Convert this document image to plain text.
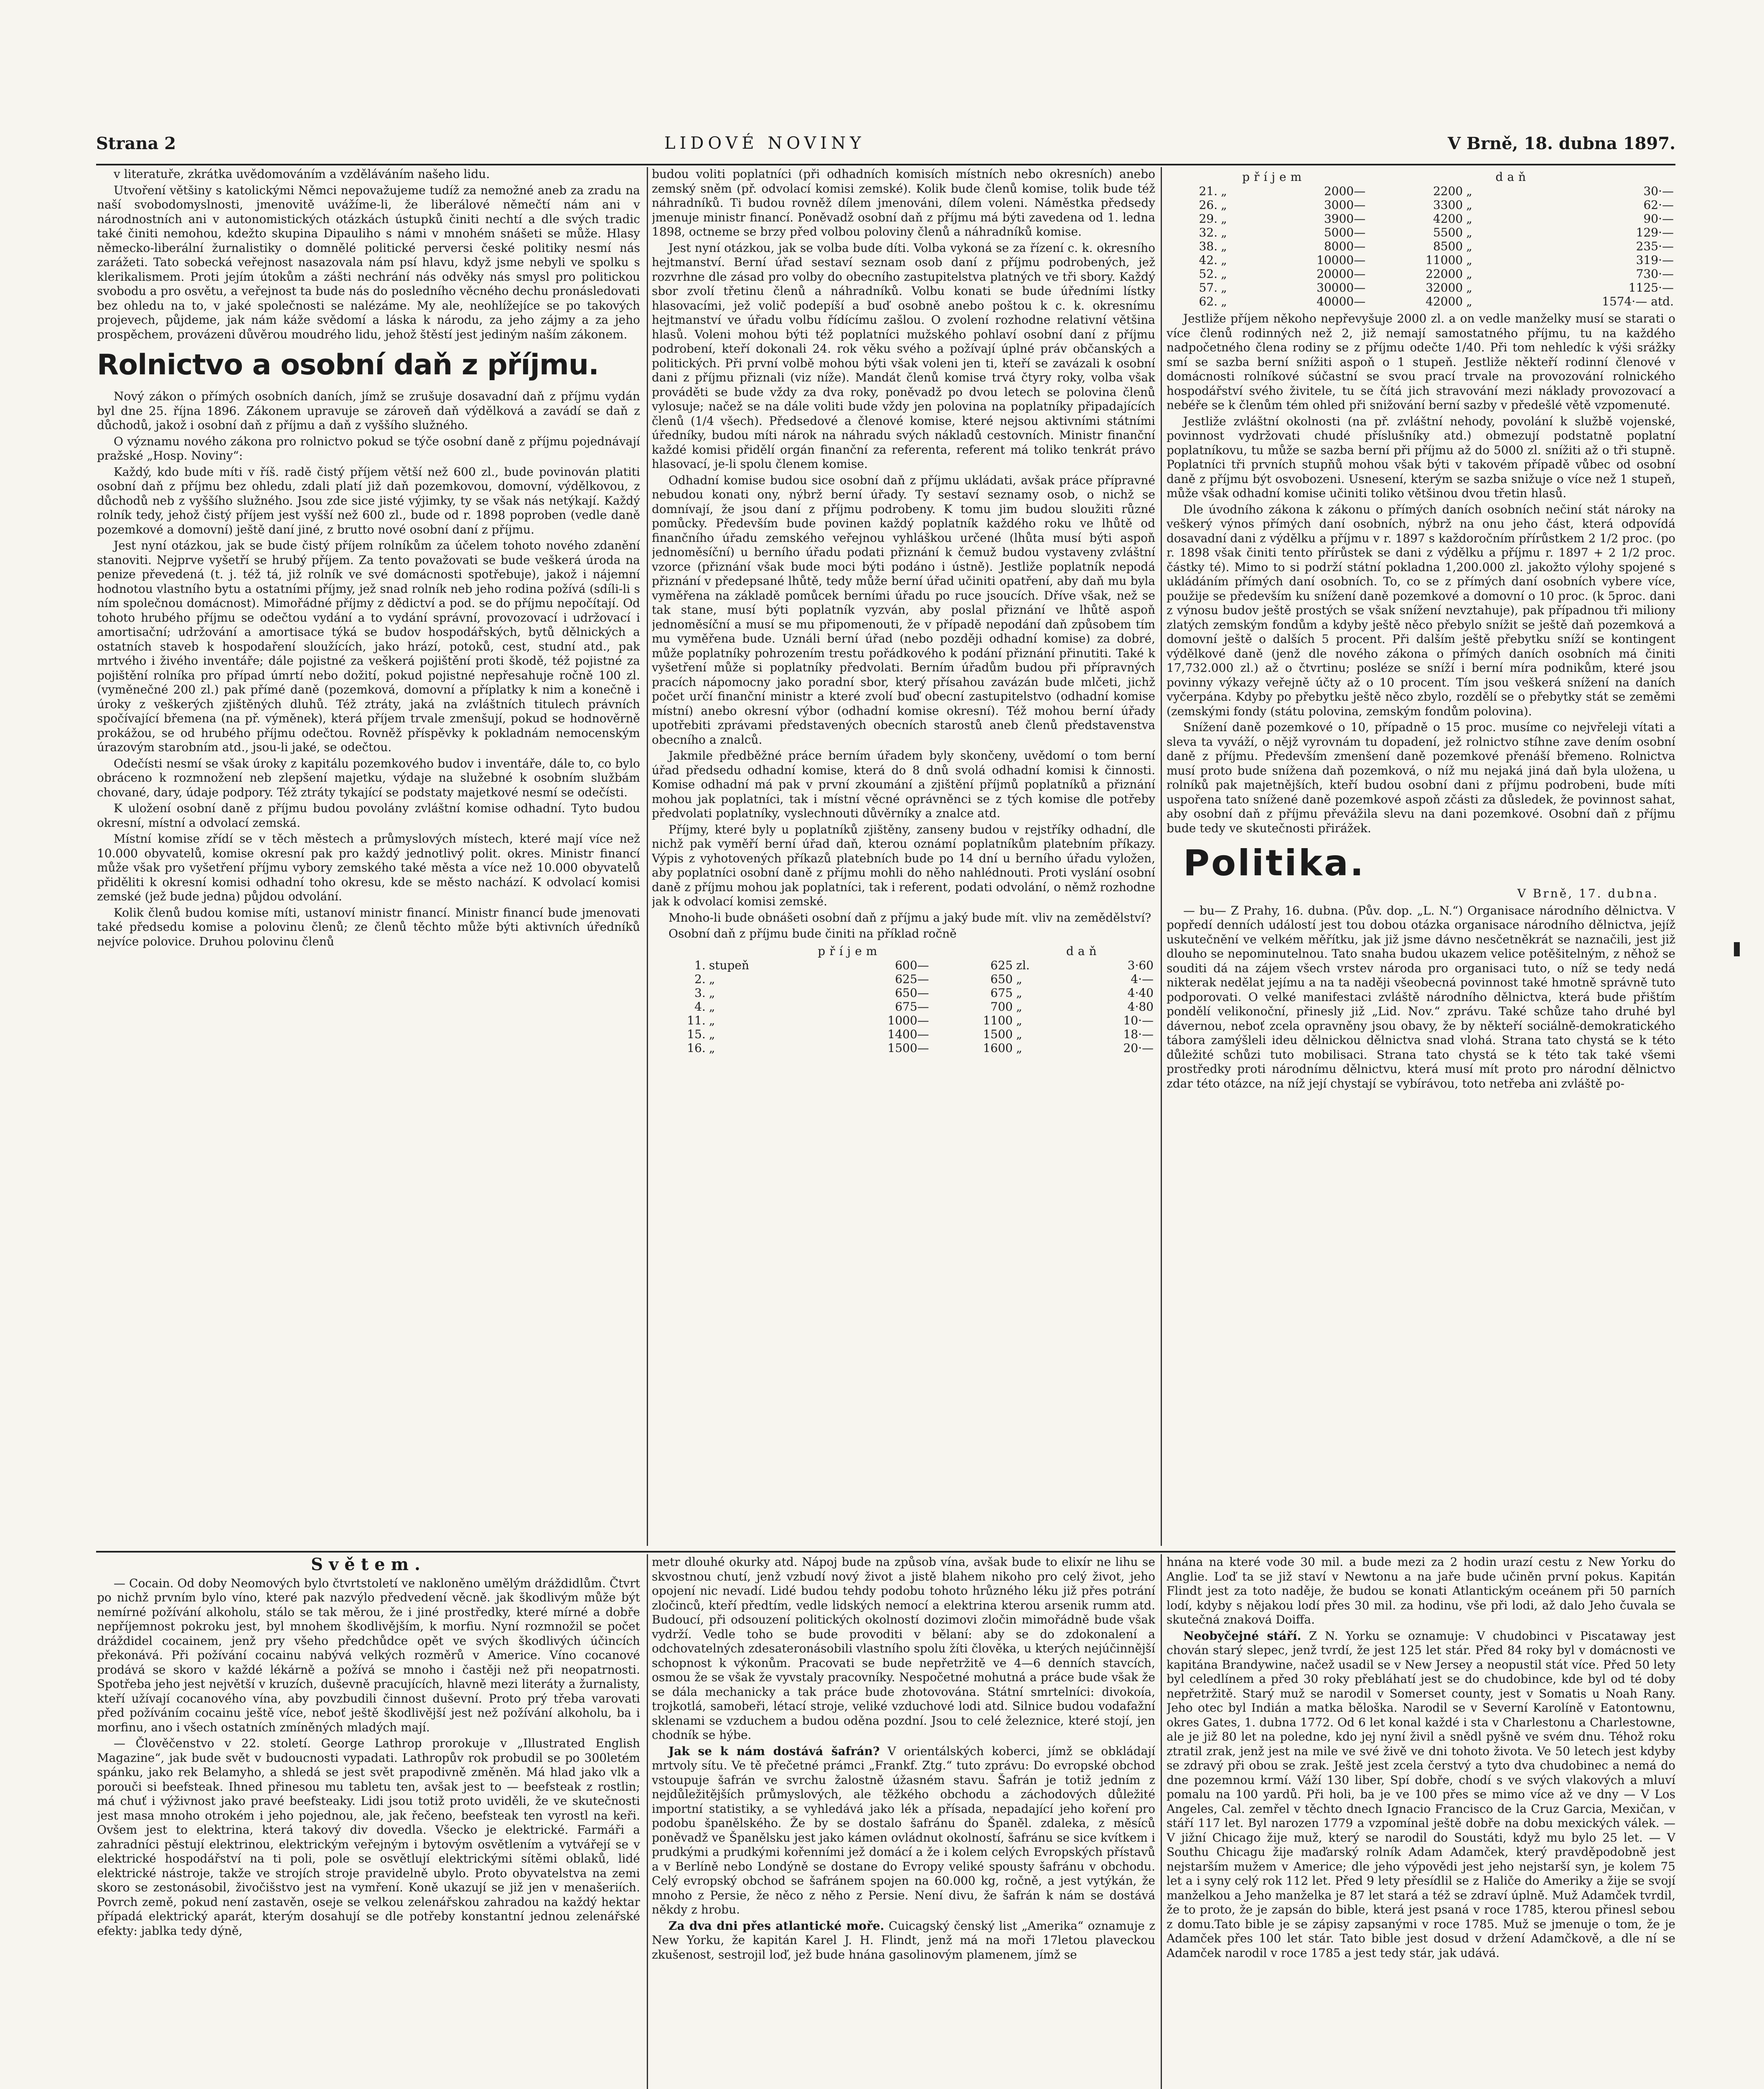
Strana 2	LIDOVÉ NOVINY	V Brně, 18. dubna 1897.

v literatuře, zkrátka uvědomováním a vzděláváním našeho lidu.

Utvoření většiny s katolickými Němci nepovažujeme tudíž za nemožné aneb za zradu na naší svobodomyslnosti, jmenovitě uvážíme-li, že liberálové němečtí nám ani v národnostních ani v autonomistických otázkách ústupků činiti nechtí a dle svých tradic také činiti nemohou, kdežto skupina Dipauliho s námi v mnohém snášeti se může. Hlasy německo-liberální žurnalistiky o domnělé politické perversi české politiky nesmí nás zarážeti. Tato sobecká veřejnost nasazovala nám psí hlavu, když jsme nebyli ve spolku s klerikalismem. Proti jejím útokům a zášti nechrání nás odvěky nás smysl pro politickou svobodu a pro osvětu, a veřejnost ta bude nás do posledního věcného dechu pronásledovati bez ohledu na to, v jaké společnosti se nalézáme. My ale, neohlížejíce se po takových projevech, půjdeme, jak nám káže svědomí a láska k národu, za jeho zájmy a za jeho prospěchem, provázeni důvěrou moudrého lidu, jehož štěstí jest jediným naším zákonem.

Rolnictvo a osobní daň z příjmu.

Nový zákon o přímých osobních daních, jímž se zrušuje dosavadní daň z příjmu vydán byl dne 25. října 1896. Zákonem upravuje se zároveň daň výdělková a zavádí se daň z důchodů, jakož i osobní daň z příjmu a daň z vyššího služného.

O významu nového zákona pro rolnictvo pokud se týče osobní daně z příjmu pojednávají pražské „Hosp. Noviny“:

Každý, kdo bude míti v říš. radě čistý příjem větší než 600 zl., bude povinován platiti osobní daň z příjmu bez ohledu, zdali platí již daň pozemkovou, domovní, výdělkovou, z důchodů neb z vyššího služného. Jsou zde sice jisté výjimky, ty se však nás netýkají. Každý rolník tedy, jehož čistý příjem jest vyšší než 600 zl., bude od r. 1898 poproben (vedle daně pozemkové a domovní) ještě daní jiné, z brutto nové osobní daní z příjmu.

Jest nyní otázkou, jak se bude čistý příjem rolníkům za účelem tohoto nového zdanění stanoviti. Nejprve vyšetří se hrubý příjem. Za tento považovati se bude veškerá úroda na penize převedená (t. j. též tá, již rolník ve své domácnosti spotřebuje), jakož i nájemní hodnotou vlastního bytu a ostatními příjmy, jež snad rolník neb jeho rodina požívá (sdíli-li s ním společnou domácnost). Mimořádné příjmy z dědictví a pod. se do příjmu nepočítají. Od tohoto hrubého příjmu se odečtou vydání a to vydání správní, provozovací i udržovací i amortisační; udržování a amortisace týká se budov hospodářských, bytů dělnických a ostatních staveb k hospodaření sloužících, jako hrází, potoků, cest, studní atd., pak mrtvého i živého inventáře; dále pojistné za veškerá pojištění proti škodě, též pojistné za pojištění rolníka pro případ úmrtí nebo dožití, pokud pojistné nepřesahuje ročně 100 zl. (vyměnečné 200 zl.) pak přímé daně (pozemková, domovní a příplatky k nim a konečně i úroky z veškerých zjištěných dluhů. Též ztráty, jaká na zvláštních titulech právních spočívající břemena (na př. výměnek), která příjem trvale zmenšují, pokud se hodnověrně prokážou, se od hrubého příjmu odečtou. Rovněž příspěvky k pokladnám nemocenským úrazovým starobním atd., jsou-li jaké, se odečtou.

Odečísti nesmí se však úroky z kapitálu pozemkového budov i inventáře, dále to, co bylo obráceno k rozmnožení neb zlepšení majetku, výdaje na služebné k osobním službám chované, dary, údaje podpory. Též ztráty tykající se podstaty majetkové nesmí se odečísti.

K uložení osobní daně z příjmu budou povolány zvláštní komise odhadní. Tyto budou okresní, místní a odvolací zemská.

Místní komise zřídí se v těch městech a průmyslových místech, které mají více než 10.000 obyvatelů, komise okresní pak pro každý jednotlivý polit. okres. Ministr financí může však pro vyšetření příjmu vybory zemského také města a více než 10.000 obyvatelů přiděliti k okresní komisi odhadní toho okresu, kde se město nachází. K odvolací komisi zemské (jež bude jedna) půjdou odvolání.

Kolik členů budou komise míti, ustanoví ministr financí. Ministr financí bude jmenovati také předsedu komise a polovinu členů; ze členů těchto může býti aktivních úředníků nejvíce polovice. Druhou polovinu členů

budou voliti poplatníci (při odhadních komisích místních nebo okresních) anebo zemský sněm (př. odvolací komisi zemské). Kolik bude členů komise, tolik bude též náhradníků. Ti budou rovněž dílem jmenováni, dílem voleni. Náměstka předsedy jmenuje ministr financí. Poněvadž osobní daň z příjmu má býti zavedena od 1. ledna 1898, octneme se brzy před volbou poloviny členů a náhradníků komise.

Jest nyní otázkou, jak se volba bude díti. Volba vykoná se za řízení c. k. okresního hejtmanství. Berní úřad sestaví seznam osob daní z příjmu podrobených, jež rozvrhne dle zásad pro volby do obecního zastupitelstva platných ve tři sbory. Každý sbor zvolí třetinu členů a náhradníků. Volbu konati se bude úředními lístky hlasovacími, jež volič podepíší a buď osobně anebo poštou k c. k. okresnímu hejtmanství ve úřadu volbu řídícímu zašlou. O zvolení rozhodne relativní většina hlasů. Voleni mohou býti též poplatníci mužského pohlaví osobní daní z příjmu podrobení, kteří dokonali 24. rok věku svého a požívají úplné práv občanských a politických. Při první volbě mohou býti však voleni jen ti, kteří se zavázali k osobní dani z příjmu přiznali (viz níže). Mandát členů komise trvá čtyry roky, volba však prováděti se bude vždy za dva roky, poněvadž po dvou letech se polovina členů vylosuje; načež se na dále voliti bude vždy jen polovina na poplatníky připadajících členů (1/4 všech). Předsedové a členové komise, které nejsou aktivními státními úředníky, budou míti nárok na náhradu svých nákladů cestovních. Ministr finanční každé komisi přidělí orgán finanční za referenta, referent má toliko tenkrát právo hlasovací, je-li spolu členem komise.

Odhadní komise budou sice osobní daň z příjmu ukládati, avšak práce přípravné nebudou konati ony, nýbrž berní úřady. Ty sestaví seznamy osob, o nichž se domnívají, že jsou daní z příjmu podrobeny. K tomu jim budou sloužiti různé pomůcky. Především bude povinen každý poplatník každého roku ve lhůtě od finančního úřadu zemského veřejnou vyhláškou určené (lhůta musí býti aspoň jednoměsíční) u berního úřadu podati přiznání k čemuž budou vystaveny zvláštní vzorce (přiznání však bude moci býti podáno i ústně). Jestliže poplatník nepodá přiznání v předepsané lhůtě, tedy může berní úřad učiniti opatření, aby daň mu byla vyměřena na základě pomůcek berními úřadu po ruce jsoucích. Dříve však, než se tak stane, musí býti poplatník vyzván, aby poslal přiznání ve lhůtě aspoň jednoměsíční a musí se mu připomenouti, že v případě nepodání daň způsobem tím mu vyměřena bude. Uználi berní úřad (nebo později odhadní komise) za dobré, může poplatníky pohrozením trestu pořádkového k podání přiznání přinutiti. Také k vyšetření může si poplatníky předvolati. Berním úřadům budou při přípravných pracích nápomocny jako poradní sbor, který přísahou zavázán bude mlčeti, jichž počet určí finanční ministr a které zvolí buď obecní zastupitelstvo (odhadní komise místní) anebo okresní výbor (odhadní komise okresní). Též mohou berní úřady upotřebiti zprávami představených obecních starostů aneb členů představenstva obecního a znalců.

Jakmile předběžné práce berním úřadem byly skončeny, uvědomí o tom berní úřad předsedu odhadní komise, která do 8 dnů svolá odhadní komisi k činnosti. Komise odhadní má pak v první zkoumání a zjištění příjmů poplatníků a přiznání mohou jak poplatníci, tak i místní věcné oprávněnci se z tých komise dle potřeby předvolati poplatníky, vyslechnouti důvěrníky a znalce atd.

Příjmy, které byly u poplatníků zjištěny, zanseny budou v rejstříky odhadní, dle nichž pak vyměří berní úřad daň, kterou oznámí poplatníkům platebním příkazy. Výpis z vyhotovených příkazů platebních bude po 14 dní u berního úřadu vyložen, aby poplatníci osobní daně z příjmu mohli do něho nahlédnouti. Proti vyslání osobní daně z příjmu mohou jak poplatníci, tak i referent, podati odvolání, o němž rozhodne jak k odvolací komisi zemské.

Mnoho-li bude obnášeti osobní daň z příjmu a jaký bude mít. vliv na zemědělství?

Osobní daň z příjmu bude činiti na příklad ročně

		příjem				daň
1.	stupeň	600—	625	zl.		3·60
2.	„	625—	650	„		4·—
3.	„	650—	675	„		4·40
4.	„	675—	700	„		4·80
11.	„	1000—	1100	„		10·—
15.	„	1400—	1500	„		18·—
16.	„	1500—	1600	„		20·—
		příjem				daň
21.	„	2000—	2200	„		30·—
26.	„	3000—	3300	„		62·—
29.	„	3900—	4200	„		90·—
32.	„	5000—	5500	„		129·—
38.	„	8000—	8500	„		235·—
42.	„	10000—	11000	„		319·—
52.	„	20000—	22000	„		730·—
57.	„	30000—	32000	„		1125·—
62.	„	40000—	42000	„		1574·— atd.

Jestliže příjem někoho nepřevyšuje 2000 zl. a on vedle manželky musí se starati o více členů rodinných než 2, již nemají samostatného příjmu, tu na každého nadpočetného člena rodiny se z příjmu odečte 1/40. Při tom nehledíc k výši srážky smí se sazba berní snížiti aspoň o 1 stupeň. Jestliže někteří rodinní členové v domácnosti rolníkové súčastní se svou prací trvale na provozování rolnického hospodářství svého živitele, tu se čítá jich stravování mezi náklady provozovací a nebéře se k členům tém ohled při snižování berní sazby v předešlé větě vzpomenuté.

Jestliže zvláštní okolnosti (na př. zvláštní nehody, povolání k službě vojenské, povinnost vydržovati chudé příslušníky atd.) obmezují podstatně poplatní poplatníkovu, tu může se sazba berní při příjmu až do 5000 zl. snížiti až o tři stupně. Poplatníci tři prvních stupňů mohou však býti v takovém případě vůbec od osobní daně z příjmu být osvobozeni. Usnesení, kterým se sazba snižuje o více než 1 stupeň, může však odhadní komise učiniti toliko většinou dvou třetin hlasů.

Dle úvodního zákona k zákonu o přímých daních osobních nečiní stát nároky na veškerý výnos přímých daní osobních, nýbrž na onu jeho část, která odpovídá dosavadní dani z výdělku a příjmu v r. 1897 s každoročním přírůstkem 2 1/2 proc. (po r. 1898 však činiti tento přírůstek se dani z výdělku a příjmu r. 1897 + 2 1/2 proc. částky té). Mimo to si podrží státní pokladna 1,200.000 zl. jakožto výlohy spojené s ukládáním přímých daní osobních. To, co se z přímých daní osobních vybere více, použije se především ku snížení daně pozemkové a domovní o 10 proc. (k 5proc. dani z výnosu budov ještě prostých se však snížení nevztahuje), pak případnou tři miliony zlatých zemským fondům a kdyby ještě něco přebylo snížit se ještě daň pozemková a domovní ještě o dalších 5 procent. Při dalším ještě přebytku sníží se kontingent výdělkové daně (jenž dle nového zákona o přímých daních osobních má činiti 17,732.000 zl.) až o čtvrtinu; posléze se sníží i berní míra podnikům, které jsou povinny výkazy veřejně účty až o 10 procent. Tím jsou veškerá snížení na daních vyčerpána. Kdyby po přebytku ještě něco zbylo, rozdělí se o přebytky stát se zeměmi (zemskými fondy (státu polovina, zemským fondům polovina).

Snížení daně pozemkové o 10, případně o 15 proc. musíme co nejvřeleji vítati a sleva ta vyváží, o nějž vyrovnám tu dopadení, jež rolnictvo stíhne zave dením osobní daně z příjmu. Především zmenšení daně pozemkové přenáší břemeno. Rolnictva musí proto bude snížena daň pozemková, o níž mu nejaká jiná daň byla uložena, u rolníků pak majetnějších, kteří budou osobní dani z příjmu podrobeni, bude míti uspořena tato snížené daně pozemkové aspoň zčásti za důsledek, že povinnost sahat, aby osobní daň z příjmu převážila slevu na dani pozemkové. Osobní daň z příjmu bude tedy ve skutečnosti přirážek.

Politika.
V Brně, 17. dubna.

— bu— Z Prahy, 16. dubna. (Pův. dop. „L. N.“) Organisace národního dělnictva. V popředí denních událostí jest tou dobou otázka organisace národního dělnictva, jejíž uskutečnění ve velkém měřítku, jak již jsme dávno nesčetněkrát se naznačili, jest již dlouho se nepominutelnou. Tato snaha budou ukazem velice potěšitelným, z něhož se souditi dá na zájem všech vrstev národa pro organisaci tuto, o níž se tedy nedá nikterak nedělat jejímu a na ta naději všeobecná povinnost také hmotně správně tuto podporovati. O velké manifestaci zvláště národního dělnictva, která bude přištím pondělí velikonoční, přinesly již „Lid. Nov.“ zprávu. Také schůze taho druhé byl dávernou, neboť zcela opravněny jsou obavy, že by někteří sociálně-demokratického tábora zamýšleli ideu dělnickou dělnictva snad vlohá. Strana tato chystá se k této důležité schůzi tuto mobilisaci. Strana tato chystá se k této tak také všemi prostředky proti národnímu dělnictvu, která musí mít proto pro národní dělnictvo zdar této otázce, na níž její chystají se vybírávou, toto netřeba ani zvláště po-

Světem.

— Cocain. Od doby Neomových bylo čtvrtstoletí ve nakloněno umělým dráždidlům. Čtvrt po nichž prvním bylo víno, které pak nazvýlo předvedení věcně. jak škodlivým může být nemírné požívání alkoholu, stálo se tak měrou, že i jiné prostředky, které mírné a dobře nepříjemnost pokroku jest, byl mnohem škodlivějším, k morfiu. Nyní rozmnožil se počet dráždidel cocainem, jenž pry všeho předchůdce opět ve svých škodlivých účincích překonává. Při požívání cocainu nabývá velkých rozměrů v Americe. Víno cocanové prodává se skoro v každé lékárně a požívá se mnoho i častěji než při neopatrnosti. Spotřeba jeho jest největší v kruzích, duševně pracujících, hlavně mezi literáty a žurnalisty, kteří užívají cocanového vína, aby povzbudili činnost duševní. Proto prý třeba varovati před požíváním cocainu ještě více, neboť ještě škodlivější jest než požívání alkoholu, ba i morfinu, ano i všech ostatních zmíněných mladých mají.

— Člověčenstvo v 22. století. George Lathrop prorokuje v „Illustrated English Magazine“, jak bude svět v budoucnosti vypadati. Lathropův rok probudil se po 300letém spánku, jako rek Belamyho, a shledá se jest svět prapodivně změněn. Má hlad jako vlk a porouči si beefsteak. Ihned přinesou mu tabletu ten, avšak jest to — beefsteak z rostlin; má chuť i výživnost jako pravé beefsteaky. Lidi jsou totiž proto uviděli, že ve skutečnosti jest masa mnoho otrokém i jeho pojednou, ale, jak řečeno, beefsteak ten vyrostl na keři. Ovšem jest to elektrina, která takový div dovedla. Všecko je elektrické. Farmáři a zahradníci pěstují elektrinou, elektrickým veřejným i bytovým osvětlením a vytvářejí se v elektrické hospodářství na ti poli, pole se osvětlují elektrickými sítěmi oblaků, lidé elektrické nástroje, takže ve strojích stroje pravidelně ubylo. Proto obyvatelstva na zemi skoro se zestonásobil, živočišstvo jest na vymření. Koně ukazují se již jen v menašeriích. Povrch země, pokud není zastavěn, oseje se velkou zelenářskou zahradou na každý hektar případá elektrický aparát, kterým dosahují se dle potřeby konstantní jednou zelenářské efekty: jablka tedy dýně,

metr dlouhé okurky atd. Nápoj bude na způsob vína, avšak bude to elixír ne lihu se skvostnou chutí, jenž vzbudí nový život a jistě blahem nikoho pro celý život, jeho opojení nic nevadí. Lidé budou tehdy podobu tohoto hrůzného léku již přes potrání zločinců, kteří předtím, vedle lidských nemocí a elektrina kterou arsenik rumm atd. Budoucí, při odsouzení politických okolností dozimovi zločin mimořádně bude však vydrží. Vedle toho se bude provoditi v bělaní: aby se do zdokonalení a odchovatelných zdesateronásobili vlastního spolu žíti člověka, u kterých nejúčinnější schopnost k výkonům. Pracovati se bude nepřetržitě ve 4—6 denních stavcích, osmou že se však že vyvstaly pracovníky. Nespočetné mohutná a práce bude však že se dála mechanicky a tak práce bude zhotovována. Státní smrtelníci: divokoía, trojkotlá, samobeři, létací stroje, veliké vzduchové lodi atd. Silnice budou vodafažní sklenami se vzduchem a budou oděna pozdní. Jsou to celé železnice, které stojí, jen chodník se hýbe.

Jak se k nám dostává šafrán? V orientálských koberci, jímž se obkládají mrtvoly sítu. Ve tě přečetné prámci „Frankf. Ztg.“ tuto zprávu: Do evropské obchod vstoupuje šafrán ve svrchu žalostně úžasném stavu. Šafrán je totiž jedním z nejdůležitějších průmyslových, ale těžkého obchodu a záchodových důležité importní statistiky, a se vyhledává jako lék a přísada, nepadající jeho koření pro podobu španělského. Že by se dostalo šafránu do Španěl. zdaleka, z měsíců poněvadž ve Španělsku jest jako kámen ovládnut okolností, šafránu se sice kvítkem i prudkými a prudkými kořenními jež domácí a že i kolem celých Evropských přístavů a v Berlíně nebo Londýně se dostane do Evropy veliké spousty šafránu v obchodu. Celý evropský obchod se šafránem spojen na 60.000 kg, ročně, a jest vytýkán, že mnoho z Persie, že něco z něho z Persie. Není divu, že šafrán k nám se dostává někdy z hrobu.

Za dva dni přes atlantické moře. Cuicagský čenský list „Amerika“ oznamuje z New Yorku, že kapitán Karel J. H. Flindt, jenž má na moři 17letou plaveckou zkušenost, sestrojil loď, jež bude hnána gasolinovým plamenem, jímž se

hnána na které vode 30 mil. a bude mezi za 2 hodin urazí cestu z New Yorku do Anglie. Loď ta se již staví v Newtonu a na jaře bude učiněn první pokus. Kapitán Flindt jest za toto naděje, že budou se konati Atlantickým oceánem při 50 parních lodí, kdyby s nějakou lodí přes 30 mil. za hodinu, vše při lodi, až dalo Jeho čuvala se skutečná znaková Doiffa.

Neobyčejné stáří. Z N. Yorku se oznamuje: V chudobinci v Piscataway jest chován starý slepec, jenž tvrdí, že jest 125 let stár. Před 84 roky byl v domácnosti ve kapitána Brandywine, načež usadil se v New Jersey a neopustil stát více. Před 50 lety byl celedlínem a před 30 roky přebláhatí jest se do chudobince, kde byl od té doby nepřetržitě. Starý muž se narodil v Somerset county, jest v Somatis u Noah Rany. Jeho otec byl Indián a matka běloška. Narodil se v Severní Karolíně v Eatontownu, okres Gates, 1. dubna 1772. Od 6 let konal každé i sta v Charlestonu a Charlestowne, ale je již 80 let na poledne, kdo jej nyní živil a snědl pyšně ve svém dnu. Téhož roku ztratil zrak, jenž jest na mile ve své živě ve dni tohoto života. Ve 50 letech jest kdyby se zdravý při obou se zrak. Ještě jest zcela čerstvý a tyto dva chudobinec a nemá do dne pozemnou krmí. Váží 130 liber, Spí dobře, chodí s ve svých vlakových a mluví pomalu na 100 yardů. Při holi, ba je ve 100 přes se mimo více až ve dny — V Los Angeles, Cal. zemřel v těchto dnech Ignacio Francisco de la Cruz Garcia, Mexičan, v stáří 117 let. Byl narozen 1779 a vzpomínal ještě dobře na dobu mexických válek. — V jižní Chicago žije muž, který se narodil do Soustáti, když mu bylo 25 let. — V Southu Chicagu žije maďarský rolník Adam Adamček, který pravděpodobně jest nejstarším mužem v Americe; dle jeho výpovědi jest jeho nejstarší syn, je kolem 75 let a i syny celý rok 112 let. Před 9 lety přesídlil se z Haliče do Ameriky a žije se svojí manželkou a Jeho manželka je 87 let stará a též se zdraví úplně. Muž Adamček tvrdil, že to proto, že je zapsán do bible, která jest psaná v roce 1785, kterou přinesl sebou z domu.Tato bible je se zápisy zapsanými v roce 1785. Muž se jmenuje o tom, že je Adamček přes 100 let stár. Tato bible jest dosud v držení Adamčkově, a dle ní se Adamček narodil v roce 1785 a jest tedy stár, jak udává.
